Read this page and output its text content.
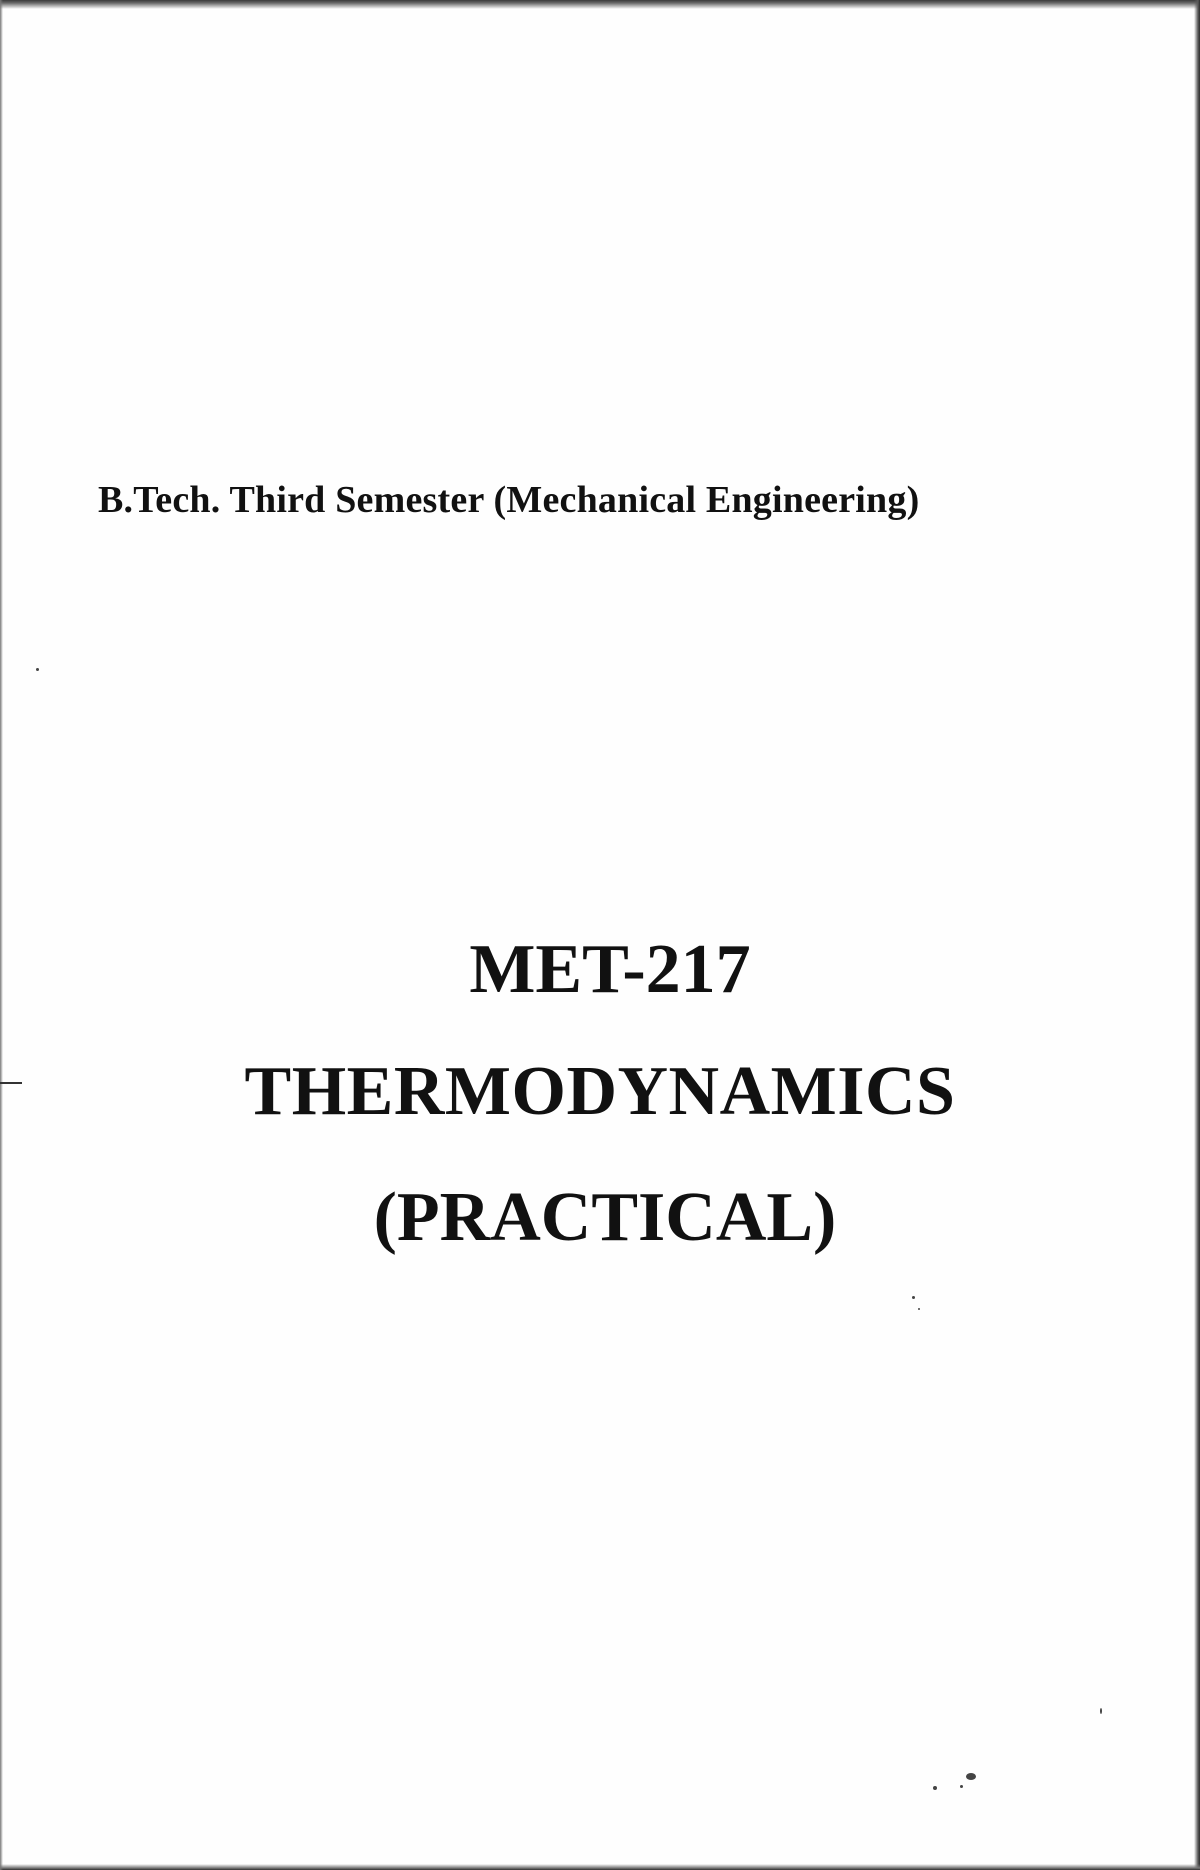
B.Tech. Third Semester (Mechanical Engineering)
MET-217
THERMODYNAMICS
(PRACTICAL)
